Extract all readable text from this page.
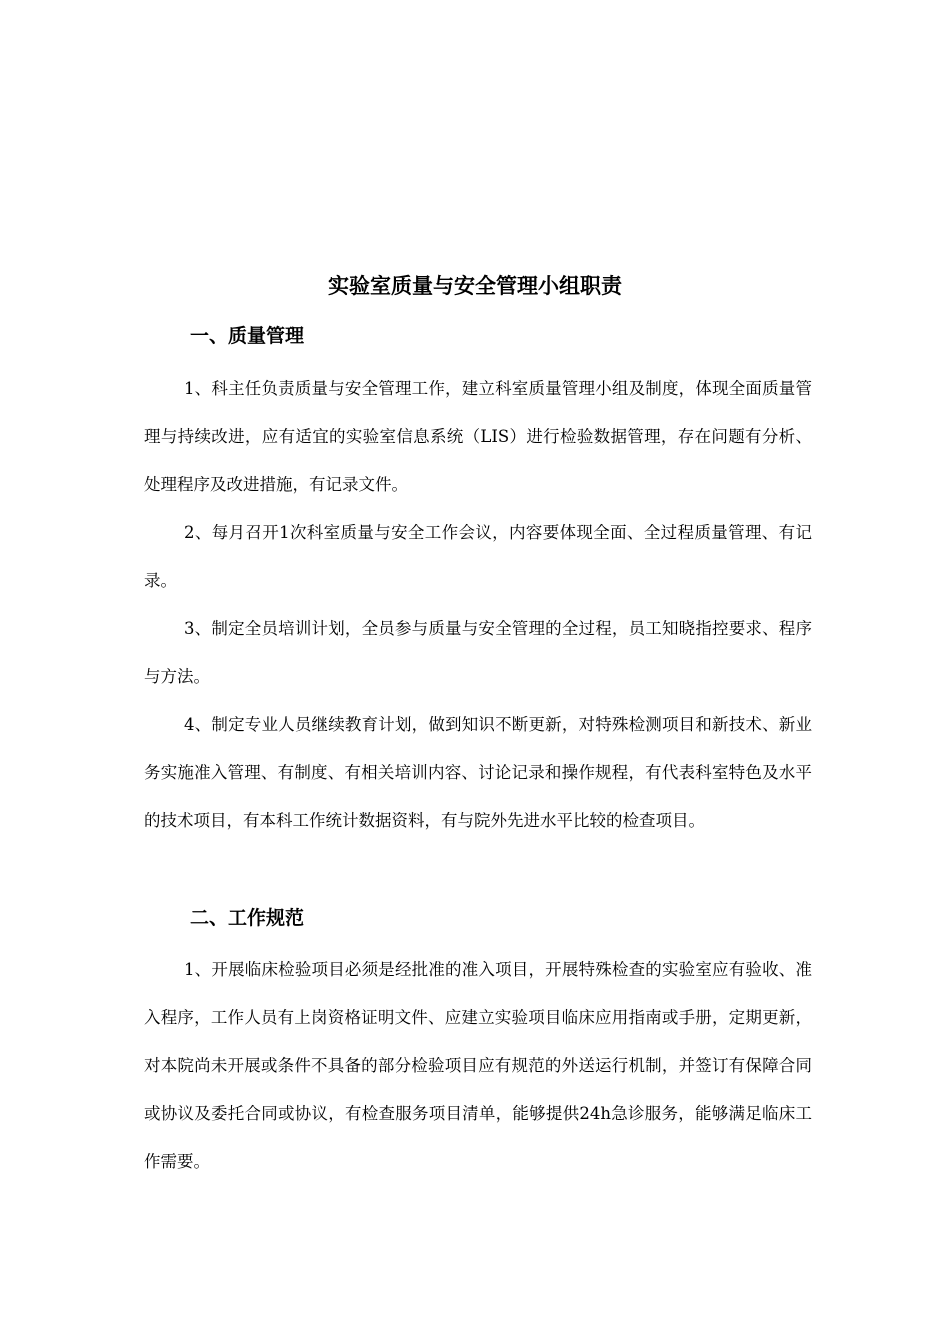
实验室质量与安全管理小组职责
一、质量管理

1、科主任负责质量与安全管理工作，建立科室质量管理小组及制度，体现全面质量管理与持续改进，应有适宜的实验室信息系统（LIS）进行检验数据管理，存在问题有分析、处理程序及改进措施，有记录文件。

2、每月召开1次科室质量与安全工作会议，内容要体现全面、全过程质量管理、有记录。

3、制定全员培训计划，全员参与质量与安全管理的全过程，员工知晓指控要求、程序与方法。

4、制定专业人员继续教育计划，做到知识不断更新，对特殊检测项目和新技术、新业务实施准入管理、有制度、有相关培训内容、讨论记录和操作规程，有代表科室特色及水平的技术项目，有本科工作统计数据资料，有与院外先进水平比较的检查项目。

二、工作规范

1、开展临床检验项目必须是经批准的准入项目，开展特殊检查的实验室应有验收、准入程序，工作人员有上岗资格证明文件、应建立实验项目临床应用指南或手册，定期更新，对本院尚未开展或条件不具备的部分检验项目应有规范的外送运行机制，并签订有保障合同或协议及委托合同或协议，有检查服务项目清单，能够提供24h急诊服务，能够满足临床工作需要。
